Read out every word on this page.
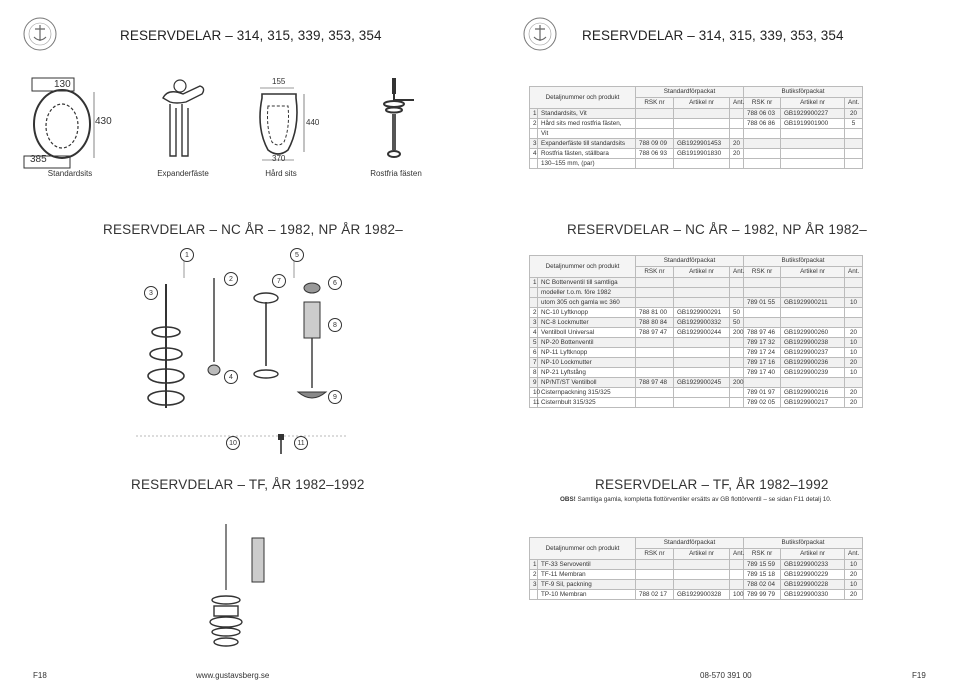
RESERVDELAR – 314, 315, 339, 353, 354	RESERVDELAR – 314, 315, 339, 353, 354
130
430
385
155
440
370
Standardsits	Expanderfäste	Hård sits	Rostfria fästen
Detaljnummer och produkt		Standardförpackat			Butiksförpackat		
		RSK nr	Artikel nr	Ant.	RSK nr	Artikel nr	Ant.
1	Standardsits, Vit				788 06 03	GB1929900227	20
2	Hård sits med rostfria fästen,				788 06 86	GB1919901900	5
	Vit						
3	Expanderfäste till standardsits	788 09 09	GB1929901453	20			
4	Rostfria fästen, ställbara	788 06 93	GB1919901830	20			
	130–155 mm, (par)						
RESERVDELAR – NC ÅR – 1982, NP ÅR 1982–	RESERVDELAR – NC ÅR – 1982, NP ÅR 1982–
1	5
2	7	6
3
8
4
9
10	11
Detaljnummer och produkt		Standardförpackat			Butiksförpackat		
		RSK nr	Artikel nr	Ant.	RSK nr	Artikel nr	Ant.
1	NC Bottenventil till samtliga						
	modeller t.o.m. före 1982						
	utom 305 och gamla wc 360				789 01 55	GB1929900211	10
2	NC-10 Lyftknopp	788 81 00	GB1929900291	50			
3	NC-8 Lockmutter	788 80 84	GB1929900332	50			
4	Ventilboll Universal	788 97 47	GB1929900244	200	788 97 46	GB1929900260	20
5	NP-20 Bottenventil				789 17 32	GB1929900238	10
6	NP-11 Lyftknopp				789 17 24	GB1929900237	10
7	NP-10 Lockmutter				789 17 16	GB1929900236	20
8	NP-21 Lyftstång				789 17 40	GB1929900239	10
9	NP/NT/ST Ventilboll	788 97 48	GB1929900245	200			
10	Cisternpackning 315/325				789 01 97	GB1929900216	20
11	Cisternbult 315/325				789 02 05	GB1929900217	20
RESERVDELAR – TF, ÅR 1982–1992	RESERVDELAR – TF, ÅR 1982–1992
OBS! Samtliga gamla, kompletta flottörventiler ersätts av GB flottörventil – se sidan F11 detalj 10.
Detaljnummer och produkt		Standardförpackat			Butiksförpackat		
		RSK nr	Artikel nr	Ant.	RSK nr	Artikel nr	Ant.
1	TF-33 Servoventil				789 15 59	GB1929900233	10
2	TF-11 Membran				789 15 18	GB1929900229	20
3	TF-9 Sil, packning				788 02 04	GB1929900228	10
	TP-10 Membran	788 02 17	GB1929900328	100	789 99 79	GB1929900330	20
F18	www.gustavsberg.se	08-570 391 00	F19
